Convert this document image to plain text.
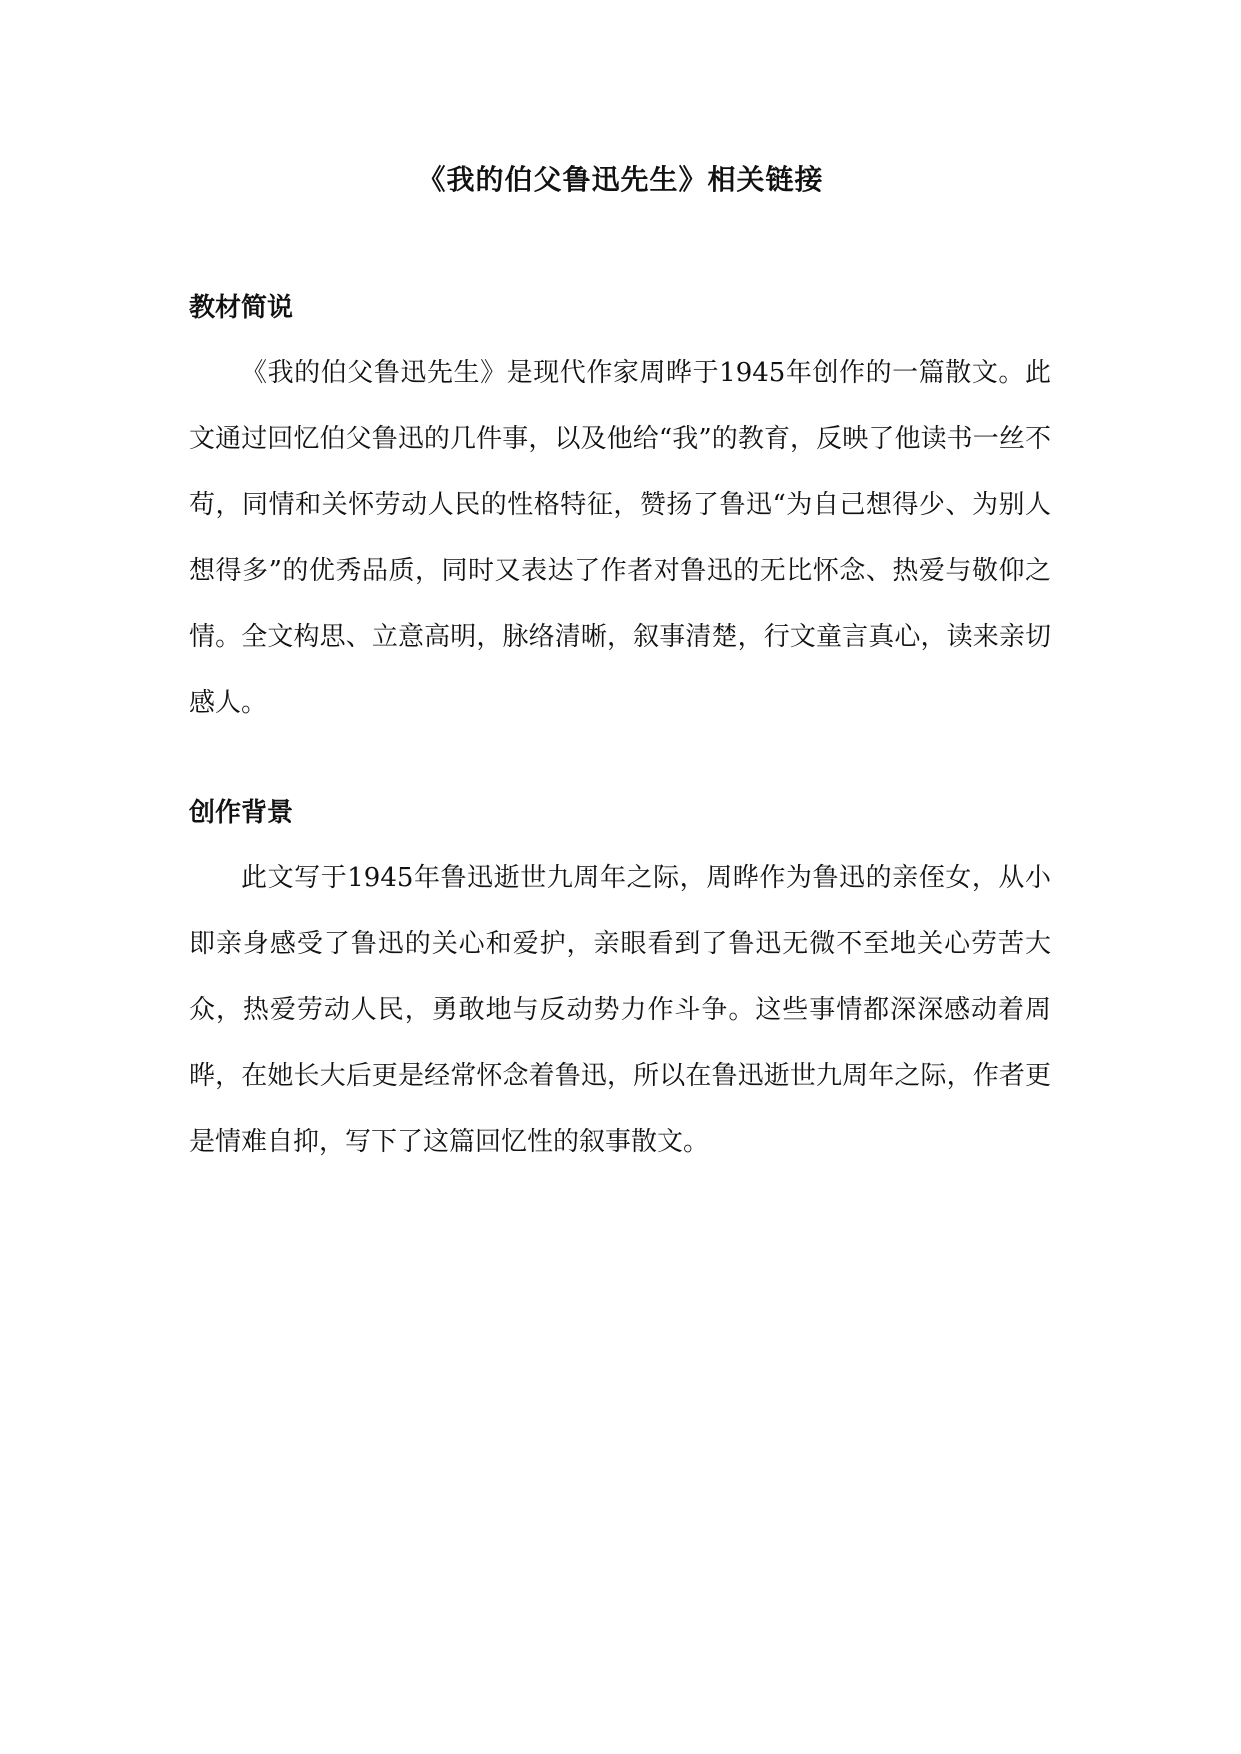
《我的伯父鲁迅先生》相关链接
教材简说

《我的伯父鲁迅先生》是现代作家周晔于1945年创作的一篇散文。此文通过回忆伯父鲁迅的几件事，以及他给“我”的教育，反映了他读书一丝不苟，同情和关怀劳动人民的性格特征，赞扬了鲁迅“为自己想得少、为别人想得多”的优秀品质，同时又表达了作者对鲁迅的无比怀念、热爱与敬仰之情。全文构思、立意高明，脉络清晰，叙事清楚，行文童言真心，读来亲切感人。

创作背景

此文写于1945年鲁迅逝世九周年之际，周晔作为鲁迅的亲侄女，从小即亲身感受了鲁迅的关心和爱护，亲眼看到了鲁迅无微不至地关心劳苦大众，热爱劳动人民，勇敢地与反动势力作斗争。这些事情都深深感动着周晔，在她长大后更是经常怀念着鲁迅，所以在鲁迅逝世九周年之际，作者更是情难自抑，写下了这篇回忆性的叙事散文。
